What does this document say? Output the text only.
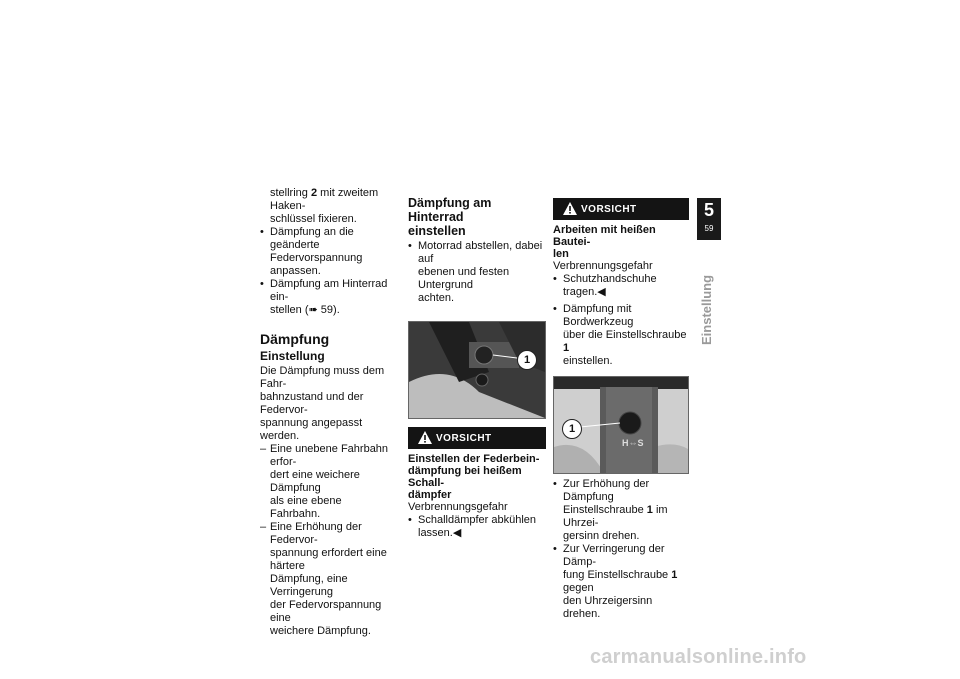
stellring 2 mit zweitem Haken-

schlüssel fixieren.

• Dämpfung an die geänderte
Federvorspannung anpassen.
• Dämpfung am Hinterrad ein-
stellen (➠ 59).
Dämpfung
Einstellung

Die Dämpfung muss dem Fahr-

bahnzustand und der Federvor-

spannung angepasst werden.

– Eine unebene Fahrbahn erfor-
dert eine weichere Dämpfung
als eine ebene Fahrbahn.
– Eine Erhöhung der Federvor-
spannung erfordert eine härtere
Dämpfung, eine Verringerung
der Federvorspannung eine
weichere Dämpfung.
Dämpfung am Hinterrad
einstellen
• Motorrad abstellen, dabei auf
ebenen und festen Untergrund
achten.
1
VORSICHT
Einstellen der Federbein-
dämpfung bei heißem Schall-
dämpfer

Verbrennungsgefahr

• Schalldämpfer abkühlen
lassen.◀
VORSICHT
Arbeiten mit heißen Bautei-
len

Verbrennungsgefahr

• Schutzhandschuhe tragen.◀
• Dämpfung mit Bordwerkzeug
über die Einstellschraube 1
einstellen.
1
H⇔S
• Zur Erhöhung der Dämpfung
Einstellschraube 1 im Uhrzei-
gersinn drehen.
• Zur Verringerung der Dämp-
fung Einstellschraube 1 gegen
den Uhrzeigersinn drehen.
5
59
Einstellung
carmanualsonline.info
